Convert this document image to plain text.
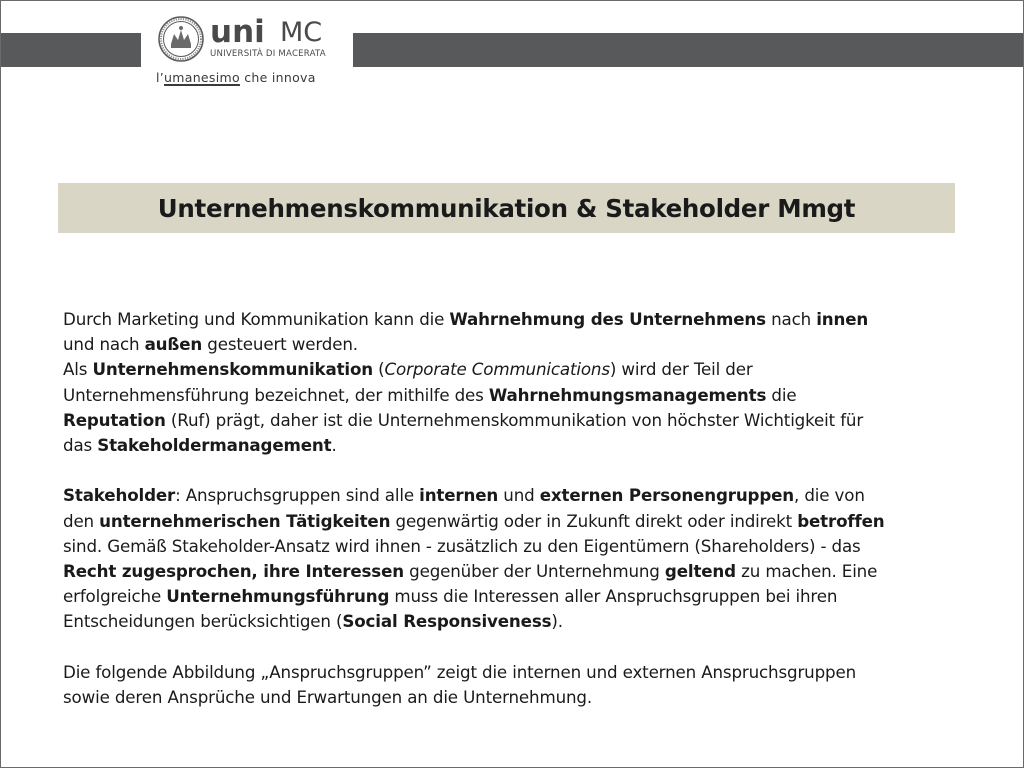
uni MC
UNIVERSITÀ DI MACERATA
l’umanesimo che innova
Unternehmenskommunikation & Stakeholder Mmgt
Durch Marketing und Kommunikation kann die Wahrnehmung des Unternehmens nach innen
und nach außen gesteuert werden.
Als Unternehmenskommunikation (Corporate Communications) wird der Teil der
Unternehmensführung bezeichnet, der mithilfe des Wahrnehmungsmanagements die
Reputation (Ruf) prägt, daher ist die Unternehmenskommunikation von höchster Wichtigkeit für
das Stakeholdermanagement.
Stakeholder: Anspruchsgruppen sind alle internen und externen Personengruppen, die von
den unternehmerischen Tätigkeiten gegenwärtig oder in Zukunft direkt oder indirekt betroffen
sind. Gemäß Stakeholder-Ansatz wird ihnen - zusätzlich zu den Eigentümern (Shareholders) - das
Recht zugesprochen, ihre Interessen gegenüber der Unternehmung geltend zu machen. Eine
erfolgreiche Unternehmungsführung muss die Interessen aller Anspruchsgruppen bei ihren
Entscheidungen berücksichtigen (Social Responsiveness).
Die folgende Abbildung „Anspruchsgruppen” zeigt die internen und externen Anspruchsgruppen
sowie deren Ansprüche und Erwartungen an die Unternehmung.
